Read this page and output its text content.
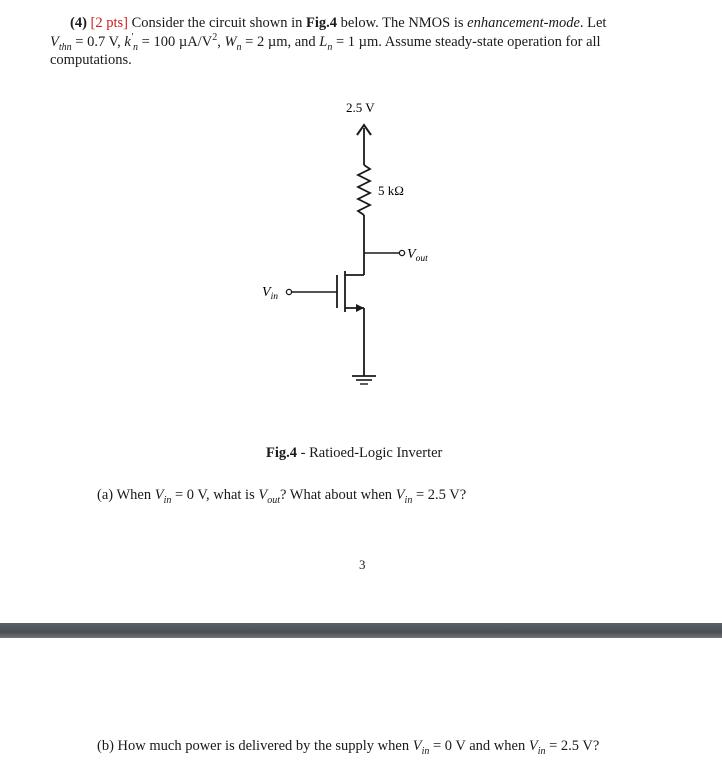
(4) [2 pts] Consider the circuit shown in Fig.4 below. The NMOS is enhancement-mode. Let
$V_{thn} = 0.7$ V, $k'_n = 100$ $\mu A/V^2$, $W_n = 2$ µm, and $L_n = 1$ µm. Assume steady-state operation for all computations.
2.5 V
5 kΩ
$V_{out}$
$V_{in}$
Fig.4 - Ratioed-Logic Inverter
(a) When $V_{in} = 0$ V, what is $V_{out}$? What about when $V_{in} = 2.5$ V?
3
(b) How much power is delivered by the supply when $V_{in} = 0$ V and when $V_{in} = 2.5$ V?
